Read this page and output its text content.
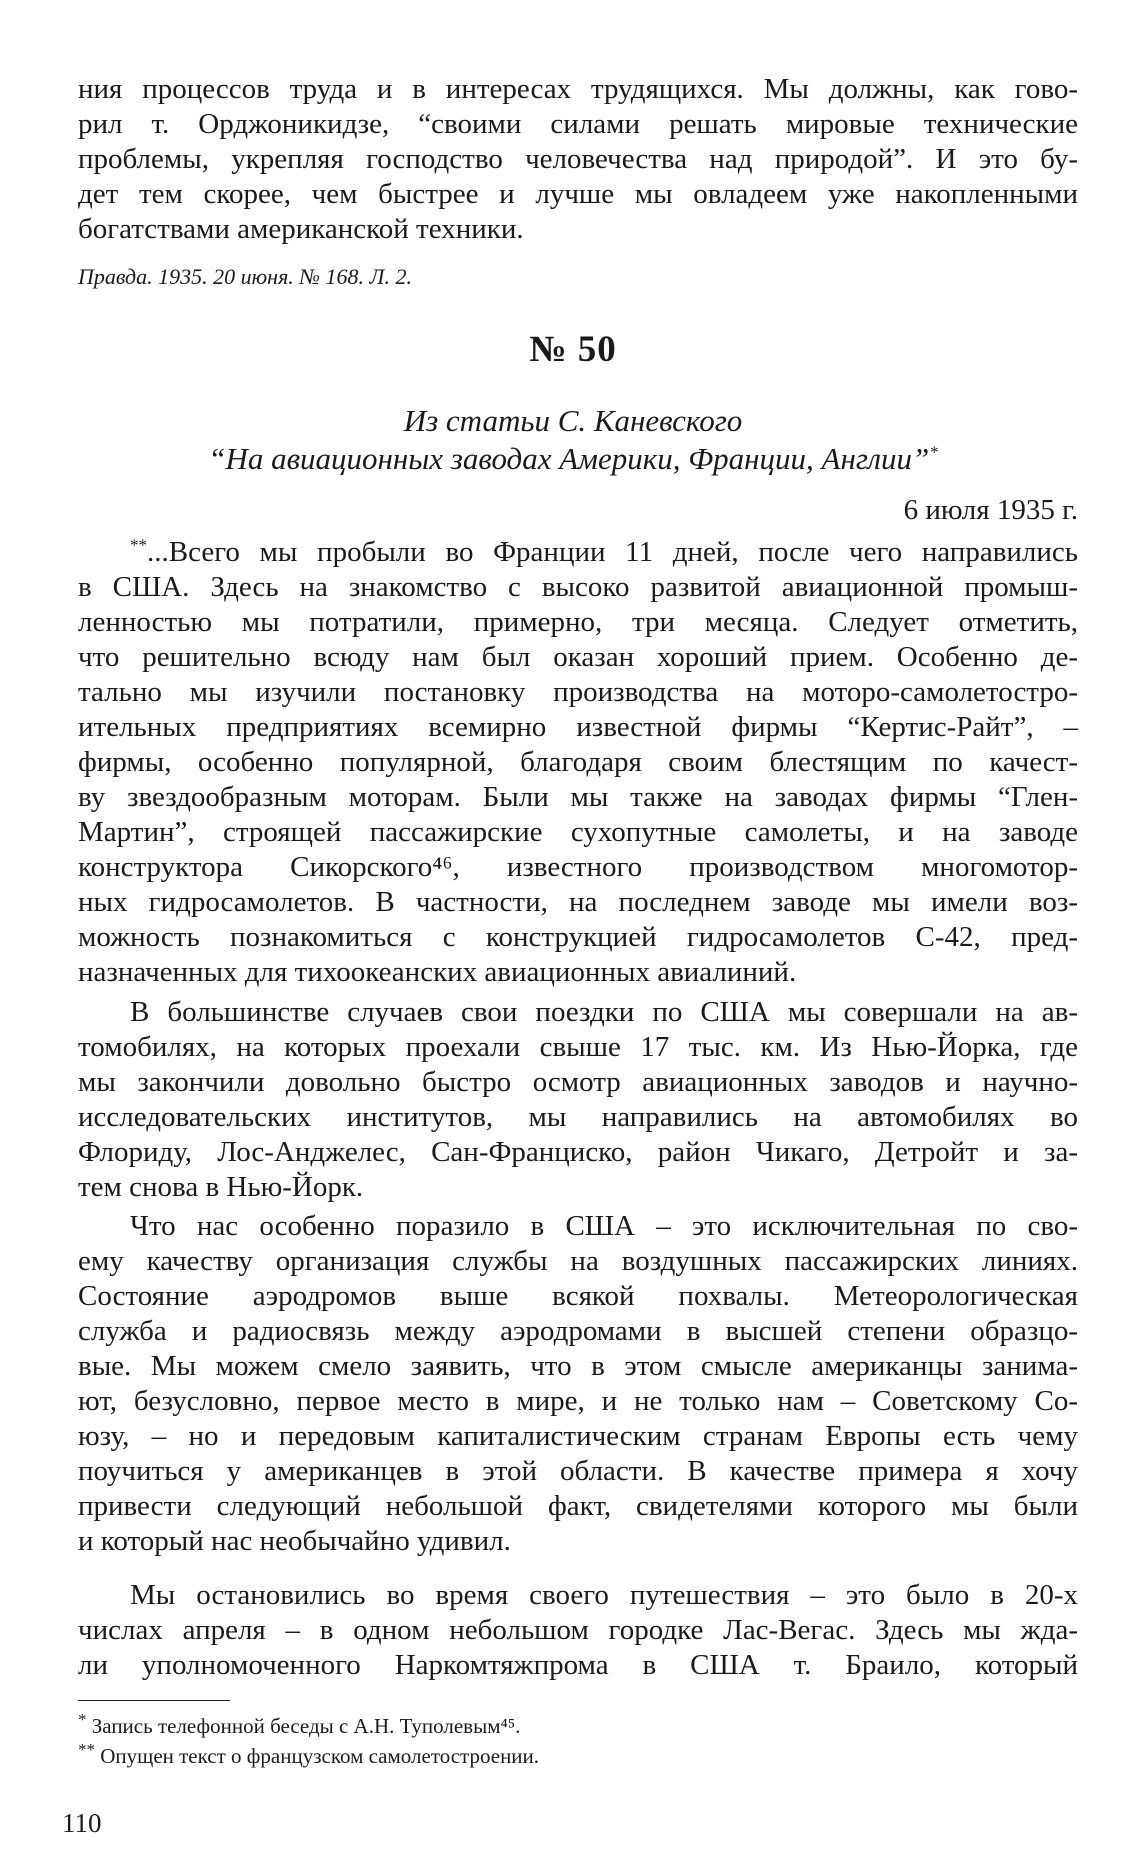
ния процессов труда и в интересах трудящихся. Мы должны, как гово-

рил т. Орджоникидзе, “своими силами решать мировые технические

проблемы, укрепляя господство человечества над природой”. И это бу-

дет тем скорее, чем быстрее и лучше мы овладеем уже накопленными

богатствами американской техники.

Правда. 1935. 20 июня. № 168. Л. 2.

№ 50
Из статьи С. Каневского
“На авиационных заводах Америки, Франции, Англии”*
6 июля 1935 г.

**...Всего мы пробыли во Франции 11 дней, после чего направились

в США. Здесь на знакомство с высоко развитой авиационной промыш-

ленностью мы потратили, примерно, три месяца. Следует отметить,

что решительно всюду нам был оказан хороший прием. Особенно де-

тально мы изучили постановку производства на моторо-самолетостро-

ительных предприятиях всемирно известной фирмы “Кертис-Райт”, –

фирмы, особенно популярной, благодаря своим блестящим по качест-

ву звездообразным моторам. Были мы также на заводах фирмы “Глен-

Мартин”, строящей пассажирские сухопутные самолеты, и на заводе

конструктора Сикорского⁴⁶, известного производством многомотор-

ных гидросамолетов. В частности, на последнем заводе мы имели воз-

можность познакомиться с конструкцией гидросамолетов С-42, пред-

назначенных для тихоокеанских авиационных авиалиний.

В большинстве случаев свои поездки по США мы совершали на ав-

томобилях, на которых проехали свыше 17 тыс. км. Из Нью-Йорка, где

мы закончили довольно быстро осмотр авиационных заводов и научно-

исследовательских институтов, мы направились на автомобилях во

Флориду, Лос-Анджелес, Сан-Франциско, район Чикаго, Детройт и за-

тем снова в Нью-Йорк.

Что нас особенно поразило в США – это исключительная по сво-

ему качеству организация службы на воздушных пассажирских линиях.

Состояние аэродромов выше всякой похвалы. Метеорологическая

служба и радиосвязь между аэродромами в высшей степени образцо-

вые. Мы можем смело заявить, что в этом смысле американцы занима-

ют, безусловно, первое место в мире, и не только нам – Советскому Со-

юзу, – но и передовым капиталистическим странам Европы есть чему

поучиться у американцев в этой области. В качестве примера я хочу

привести следующий небольшой факт, свидетелями которого мы были

и который нас необычайно удивил.

Мы остановились во время своего путешествия – это было в 20-х

числах апреля – в одном небольшом городке Лас-Вегас. Здесь мы жда-

ли уполномоченного Наркомтяжпрома в США т. Браило, который

* Запись телефонной беседы с А.Н. Туполевым⁴⁵.
** Опущен текст о французском самолетостроении.
110
